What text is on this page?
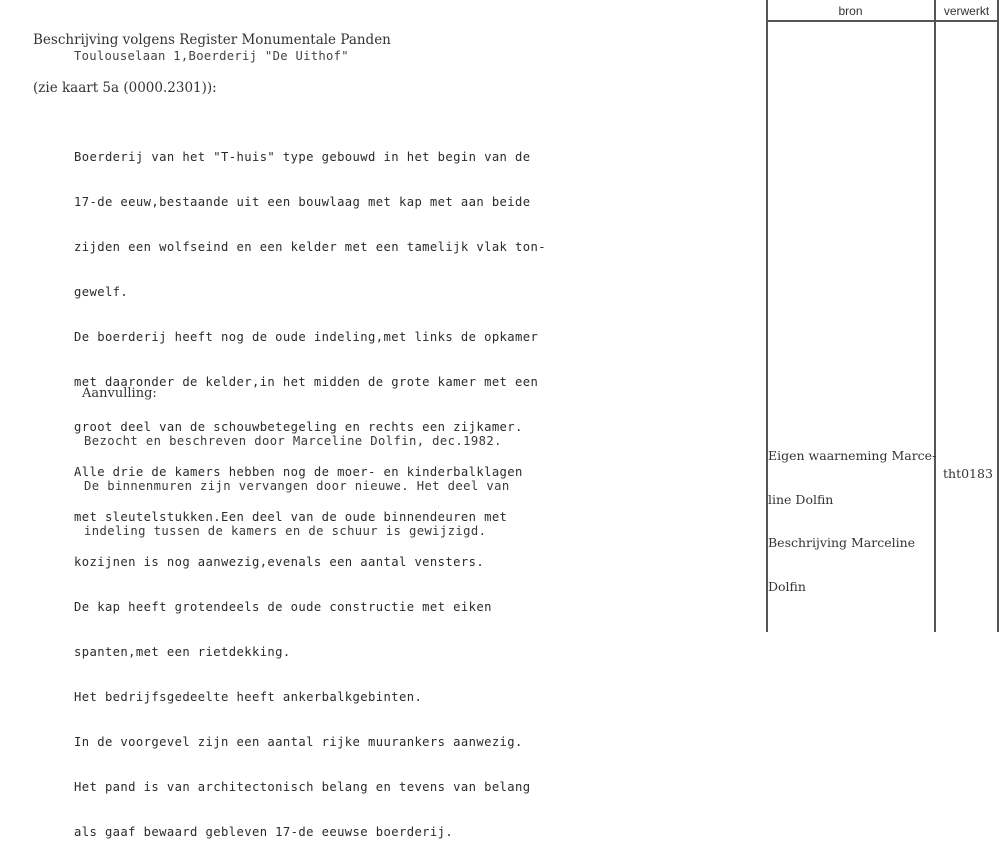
Beschrijving volgens Register Monumentale Panden

(zie kaart 5a (0000.2301)):

Toulouselaan 1,Boerderij "De Uithof"

Boerderij van het "T-huis" type gebouwd in het begin van de

17-de eeuw,bestaande uit een bouwlaag met kap met aan beide

zijden een wolfseind en een kelder met een tamelijk vlak ton-

gewelf.

De boerderij heeft nog de oude indeling,met links de opkamer

met daaronder de kelder,in het midden de grote kamer met een

groot deel van de schouwbetegeling en rechts een zijkamer.

Alle drie de kamers hebben nog de moer- en kinderbalklagen

met sleutelstukken.Een deel van de oude binnendeuren met

kozijnen is nog aanwezig,evenals een aantal vensters.

De kap heeft grotendeels de oude constructie met eiken

spanten,met een rietdekking.

Het bedrijfsgedeelte heeft ankerbalkgebinten.

In de voorgevel zijn een aantal rijke muurankers aanwezig.

Het pand is van architectonisch belang en tevens van belang

als gaaf bewaard gebleven 17-de eeuwse boerderij.

Aanvulling:

Bezocht en beschreven door Marceline Dolfin, dec.1982.

De binnenmuren zijn vervangen door nieuwe. Het deel van

indeling tussen de kamers en de schuur is gewijzigd.

bron	verwerkt

Eigen waarneming Marce-

line Dolfin

Beschrijving Marceline

Dolfin

tht0183
